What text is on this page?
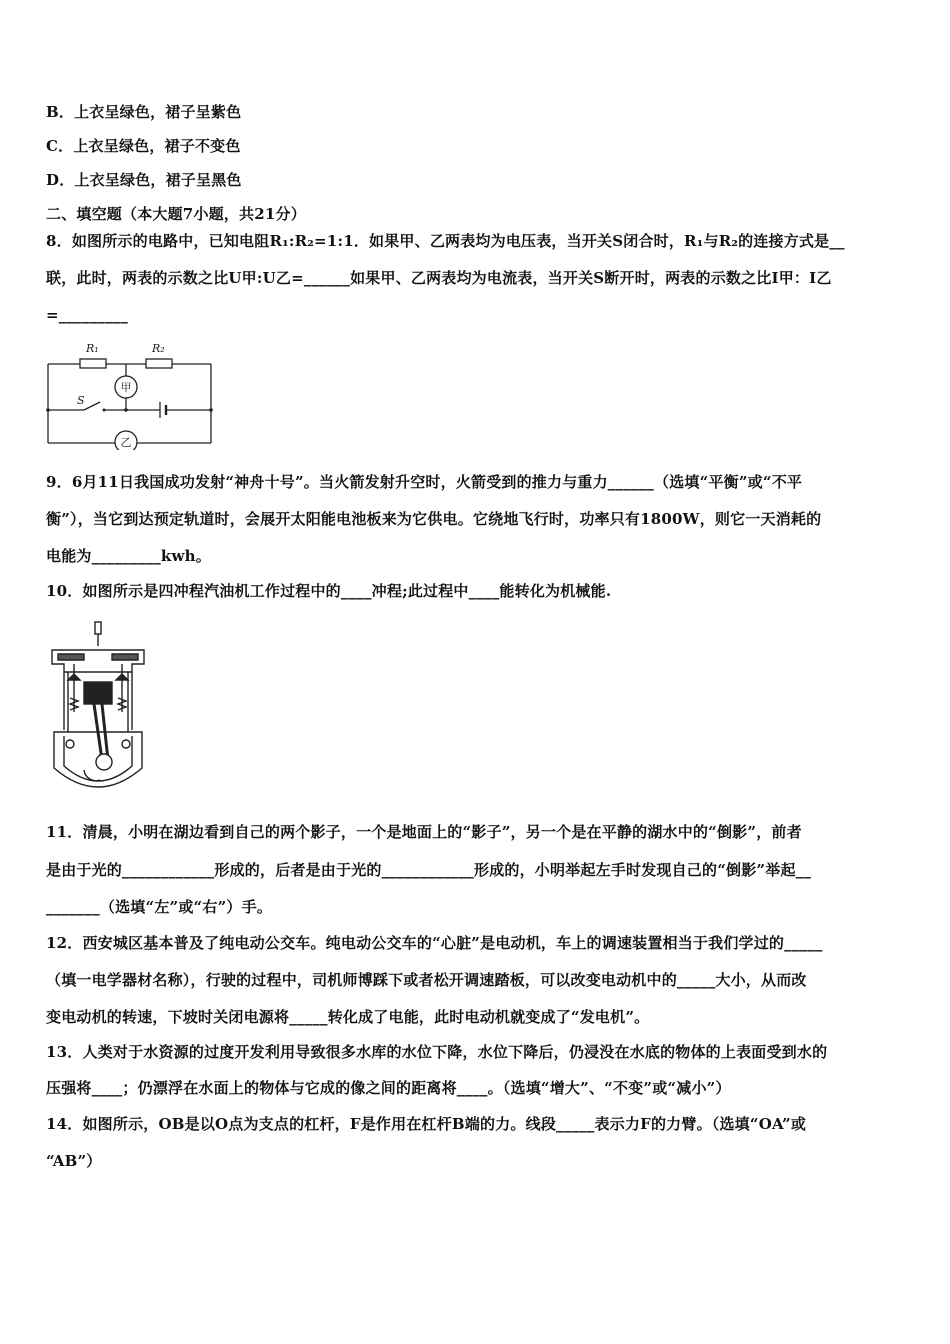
B．上衣呈绿色，裙子呈紫色
C．上衣呈绿色，裙子不变色
D．上衣呈绿色，裙子呈黑色
二、填空题（本大题7小题，共21分）
8．如图所示的电路中，已知电阻R₁:R₂=1:1．如果甲、乙两表均为电压表，当开关S闭合时，R₁与R₂的连接方式是__
联，此时，两表的示数之比U甲:U乙=______如果甲、乙两表均为电流表，当开关S断开时，两表的示数之比I甲：I乙
=_________
R₁	R₂
S
甲
乙
9．6月11日我国成功发射“神舟十号”。当火箭发射升空时，火箭受到的推力与重力______（选填“平衡”或“不平
衡”），当它到达预定轨道时，会展开太阳能电池板来为它供电。它绕地飞行时，功率只有1800W，则它一天消耗的
电能为_________kwh。
10．如图所示是四冲程汽油机工作过程中的____冲程;此过程中____能转化为机械能.
11．清晨，小明在湖边看到自己的两个影子，一个是地面上的“影子”，另一个是在平静的湖水中的“倒影”，前者
是由于光的____________形成的，后者是由于光的____________形成的，小明举起左手时发现自己的“倒影”举起__
_______（选填“左”或“右”）手。
12．西安城区基本普及了纯电动公交车。纯电动公交车的“心脏”是电动机，车上的调速装置相当于我们学过的_____
（填一电学器材名称），行驶的过程中，司机师博踩下或者松开调速踏板，可以改变电动机中的_____大小，从而改
变电动机的转速，下坡时关闭电源将_____转化成了电能，此时电动机就变成了“发电机”。
13．人类对于水资源的过度开发利用导致很多水库的水位下降，水位下降后，仍浸没在水底的物体的上表面受到水的
压强将____；仍漂浮在水面上的物体与它成的像之间的距离将____。（选填“增大”、“不变”或“减小”）
14．如图所示，OB是以O点为支点的杠杆，F是作用在杠杆B端的力。线段_____表示力F的力臂。（选填“OA”或
“AB”）
